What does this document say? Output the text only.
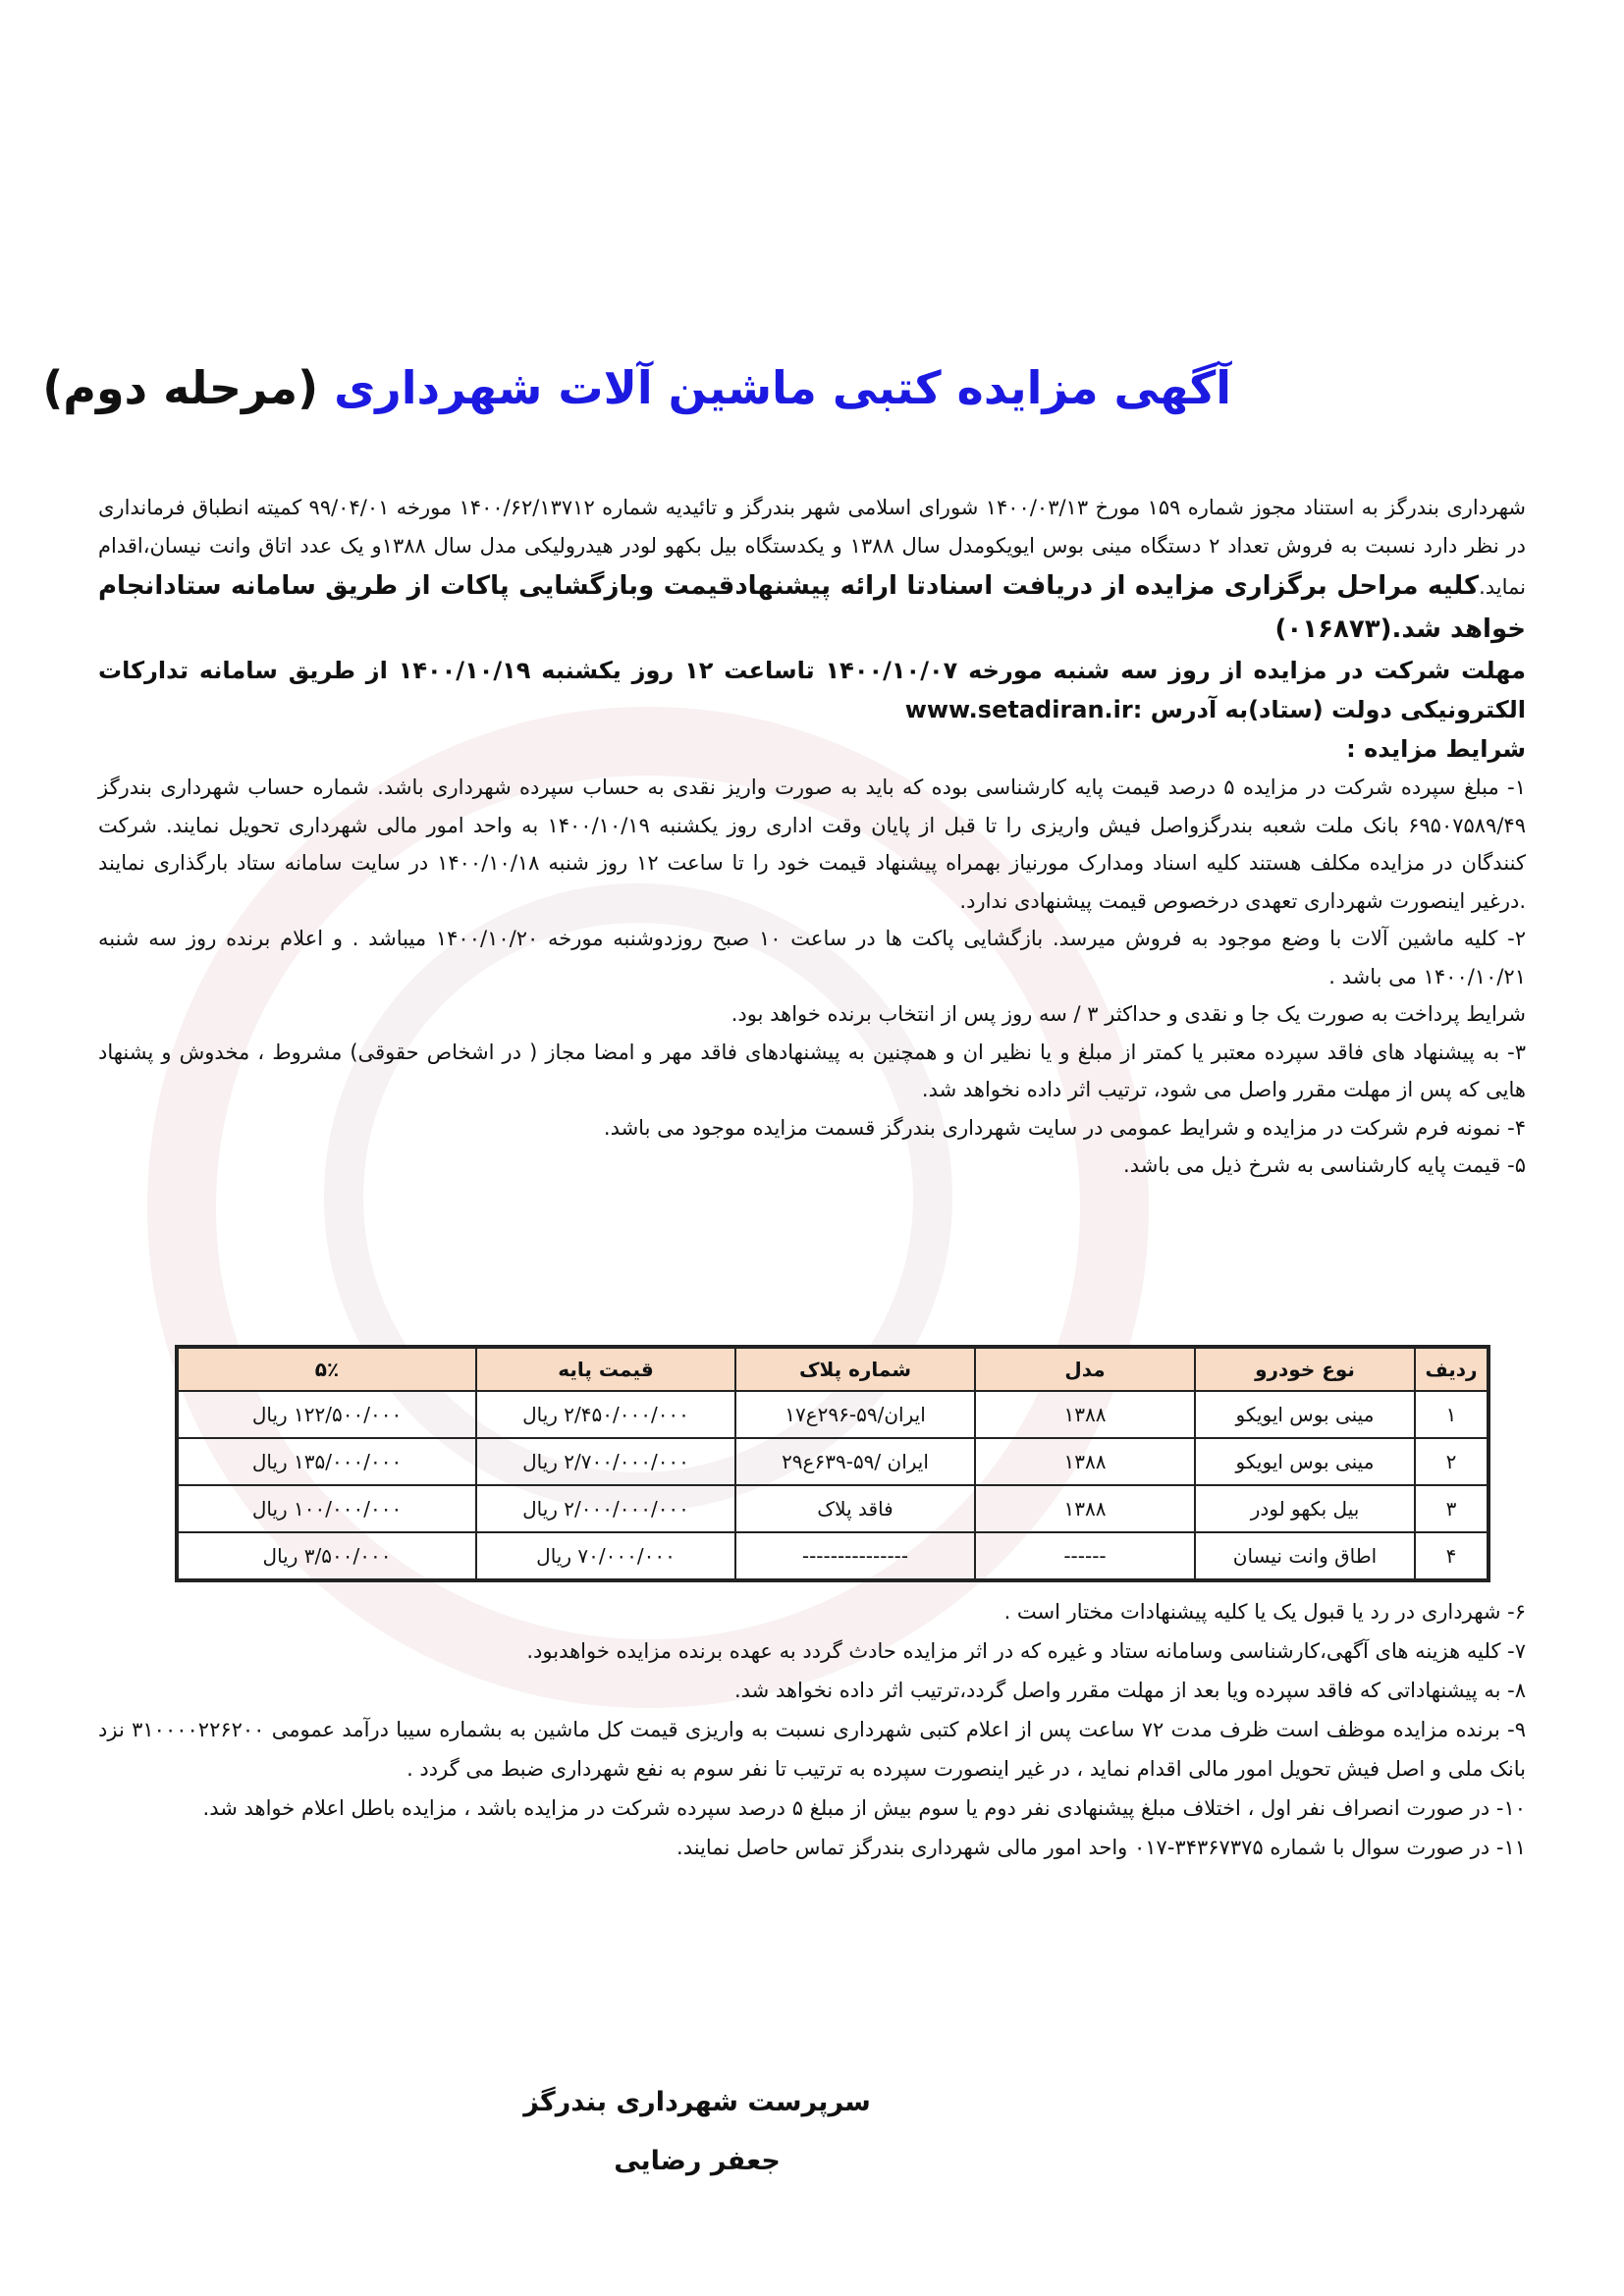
آگهی مزایده کتبی ماشین آلات شهرداری (مرحله دوم)

شهرداری بندرگز به استناد مجوز شماره ۱۵۹ مورخ ۱۴۰۰/۰۳/۱۳ شورای اسلامی شهر بندرگز و تائیدیه شماره ۱۴۰۰/۶۲/۱۳۷۱۲ مورخه ۹۹/۰۴/۰۱ کمیته انطباق فرمانداری در نظر دارد نسبت به فروش تعداد ۲ دستگاه مینی بوس ایویکومدل سال ۱۳۸۸ و یکدستگاه بیل بکهو لودر هیدرولیکی مدل سال ۱۳۸۸و یک عدد اتاق وانت نیسان،اقدام نماید.کلیه مراحل برگزاری مزایده از دریافت اسنادتا ارائه پیشنهادقیمت وبازگشایی پاکات از طریق سامانه ستادانجام خواهد شد.(۰۱۶۸۷۳)

مهلت شرکت در مزایده از روز سه شنبه مورخه ۱۴۰۰/۱۰/۰۷ تاساعت ۱۲ روز یکشنبه ۱۴۰۰/۱۰/۱۹ از طریق سامانه تدارکات الکترونیکی دولت (ستاد)به آدرس :www.setadiran.ir

شرایط مزایده :

۱- مبلغ سپرده شرکت در مزایده ۵ درصد قیمت پایه کارشناسی بوده که باید به صورت واریز نقدی به حساب سپرده شهرداری باشد. شماره حساب شهرداری بندرگز ۶۹۵۰۷۵۸۹/۴۹ بانک ملت شعبه بندرگزواصل فیش واریزی را تا قبل از پایان وقت اداری روز یکشنبه ۱۴۰۰/۱۰/۱۹ به واحد امور مالی شهرداری تحویل نمایند. شرکت کنندگان در مزایده مکلف هستند کلیه اسناد ومدارک مورنیاز بهمراه پیشنهاد قیمت خود را تا ساعت ۱۲ روز شنبه ۱۴۰۰/۱۰/۱۸ در سایت سامانه ستاد بارگذاری نمایند .درغیر اینصورت شهرداری تعهدی درخصوص قیمت پیشنهادی ندارد.

۲- کلیه ماشین آلات با وضع موجود به فروش میرسد. بازگشایی پاکت ها در ساعت ۱۰ صبح روزدوشنبه مورخه ۱۴۰۰/۱۰/۲۰ میباشد . و اعلام برنده روز سه شنبه ۱۴۰۰/۱۰/۲۱ می باشد .

شرایط پرداخت به صورت یک جا و نقدی و حداکثر ۳ / سه روز پس از انتخاب برنده خواهد بود.

۳- به پیشنهاد های فاقد سپرده معتبر یا کمتر از مبلغ و یا نظیر ان و همچنین به پیشنهادهای فاقد مهر و امضا مجاز ( در اشخاص حقوقی) مشروط ، مخدوش و پشنهاد هایی که پس از مهلت مقرر واصل می شود، ترتیب اثر داده نخواهد شد.

۴- نمونه فرم شرکت در مزایده و شرایط عمومی در سایت شهرداری بندرگز قسمت مزایده موجود می باشد.

۵- قیمت پایه کارشناسی به شرخ ذیل می باشد.

ردیف	نوع خودرو	مدل	شماره پلاک	قیمت پایه	۵٪
۱	مینی بوس ایویکو	۱۳۸۸	ایران/۵۹-۲۹۶ع۱۷	۲/۴۵۰/۰۰۰/۰۰۰ ریال	۱۲۲/۵۰۰/۰۰۰ ریال
۲	مینی بوس ایویکو	۱۳۸۸	ایران /۵۹-۶۳۹ع۲۹	۲/۷۰۰/۰۰۰/۰۰۰ ریال	۱۳۵/۰۰۰/۰۰۰ ریال
۳	بیل بکهو لودر	۱۳۸۸	فاقد پلاک	۲/۰۰۰/۰۰۰/۰۰۰ ریال	۱۰۰/۰۰۰/۰۰۰ ریال
۴	اطاق وانت نیسان	------	---------------	۷۰/۰۰۰/۰۰۰ ریال	۳/۵۰۰/۰۰۰ ریال

۶- شهرداری در رد یا قبول یک یا کلیه پیشنهادات مختار است .

۷- کلیه هزینه های آگهی،کارشناسی وسامانه ستاد و غیره که در اثر مزایده حادث گردد به عهده برنده مزایده خواهدبود.

۸- به پیشنهاداتی که فاقد سپرده ویا بعد از مهلت مقرر واصل گردد،ترتیب اثر داده نخواهد شد.

۹- برنده مزایده موظف است ظرف مدت ۷۲ ساعت پس از اعلام کتبی شهرداری نسبت به واریزی قیمت کل ماشین به بشماره سیبا درآمد عمومی ۳۱۰۰۰۰۲۲۶۲۰۰ نزد بانک ملی و اصل فیش تحویل امور مالی اقدام نماید ، در غیر اینصورت سپرده به ترتیب تا نفر سوم به نفع شهرداری ضبط می گردد .

۱۰- در صورت انصراف نفر اول ، اختلاف مبلغ پیشنهادی نفر دوم یا سوم بیش از مبلغ ۵ درصد سپرده شرکت در مزایده باشد ، مزایده باطل اعلام خواهد شد.

۱۱- در صورت سوال با شماره ۳۴۳۶۷۳۷۵-۰۱۷ واحد امور مالی شهرداری بندرگز تماس حاصل نمایند.

سرپرست شهرداری بندرگز
جعفر رضایی
